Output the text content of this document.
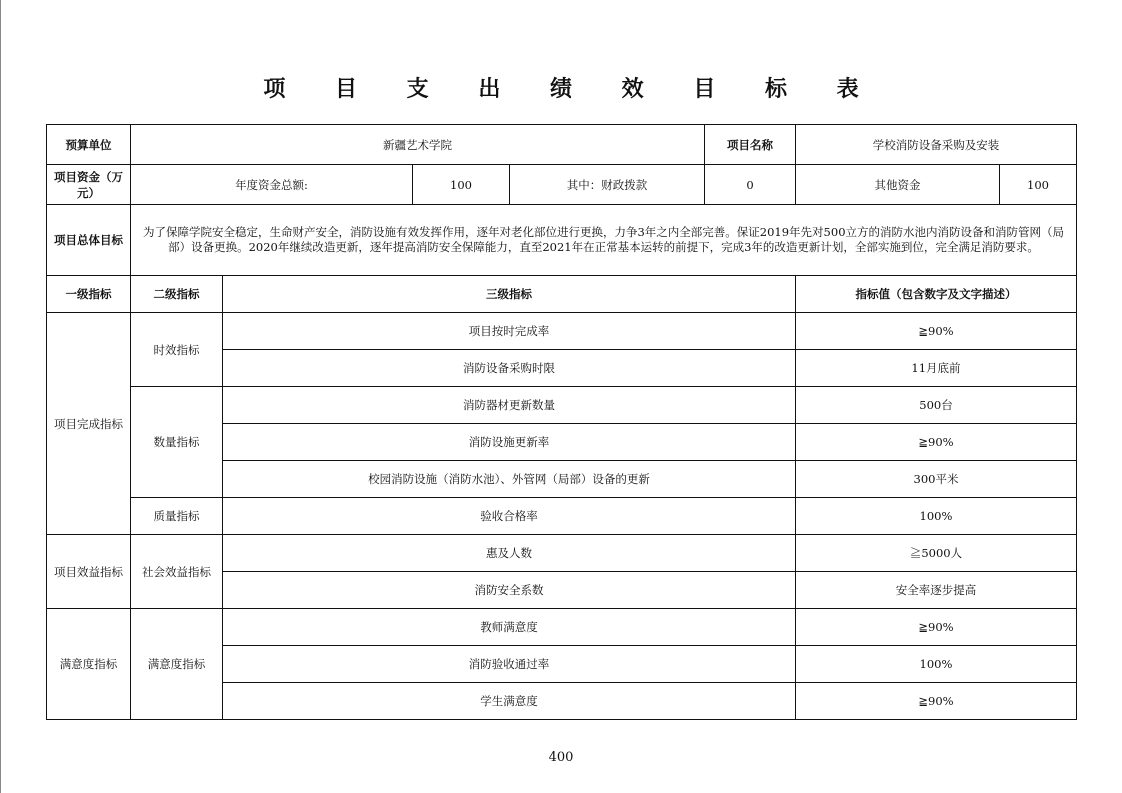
项 目 支 出 绩 效 目 标 表
预算单位	新疆艺术学院				项目名称	学校消防设备采购及安装	
项目资金（万元）	年度资金总额:		100	其中：财政拨款	0	其他资金	100
项目总体目标	为了保障学院安全稳定，生命财产安全，消防设施有效发挥作用，逐年对老化部位进行更换，力争3年之内全部完善。保证2019年先对500立方的消防水池内消防设备和消防管网（局部）设备更换。2020年继续改造更新，逐年提高消防安全保障能力，直至2021年在正常基本运转的前提下，完成3年的改造更新计划，全部实施到位，完全满足消防要求。						
一级指标	二级指标	三级指标				指标值（包含数字及文字描述）	
项目完成指标	时效指标	项目按时完成率				≧90%	
		消防设备采购时限				11月底前	
	数量指标	消防器材更新数量				500台	
		消防设施更新率				≧90%	
		校园消防设施（消防水池）、外管网（局部）设备的更新				300平米	
	质量指标	验收合格率				100%	
项目效益指标	社会效益指标	惠及人数				≧5000人	
		消防安全系数				安全率逐步提高	
满意度指标	满意度指标	教师满意度				≧90%	
		消防验收通过率				100%	
		学生满意度				≧90%	
400
